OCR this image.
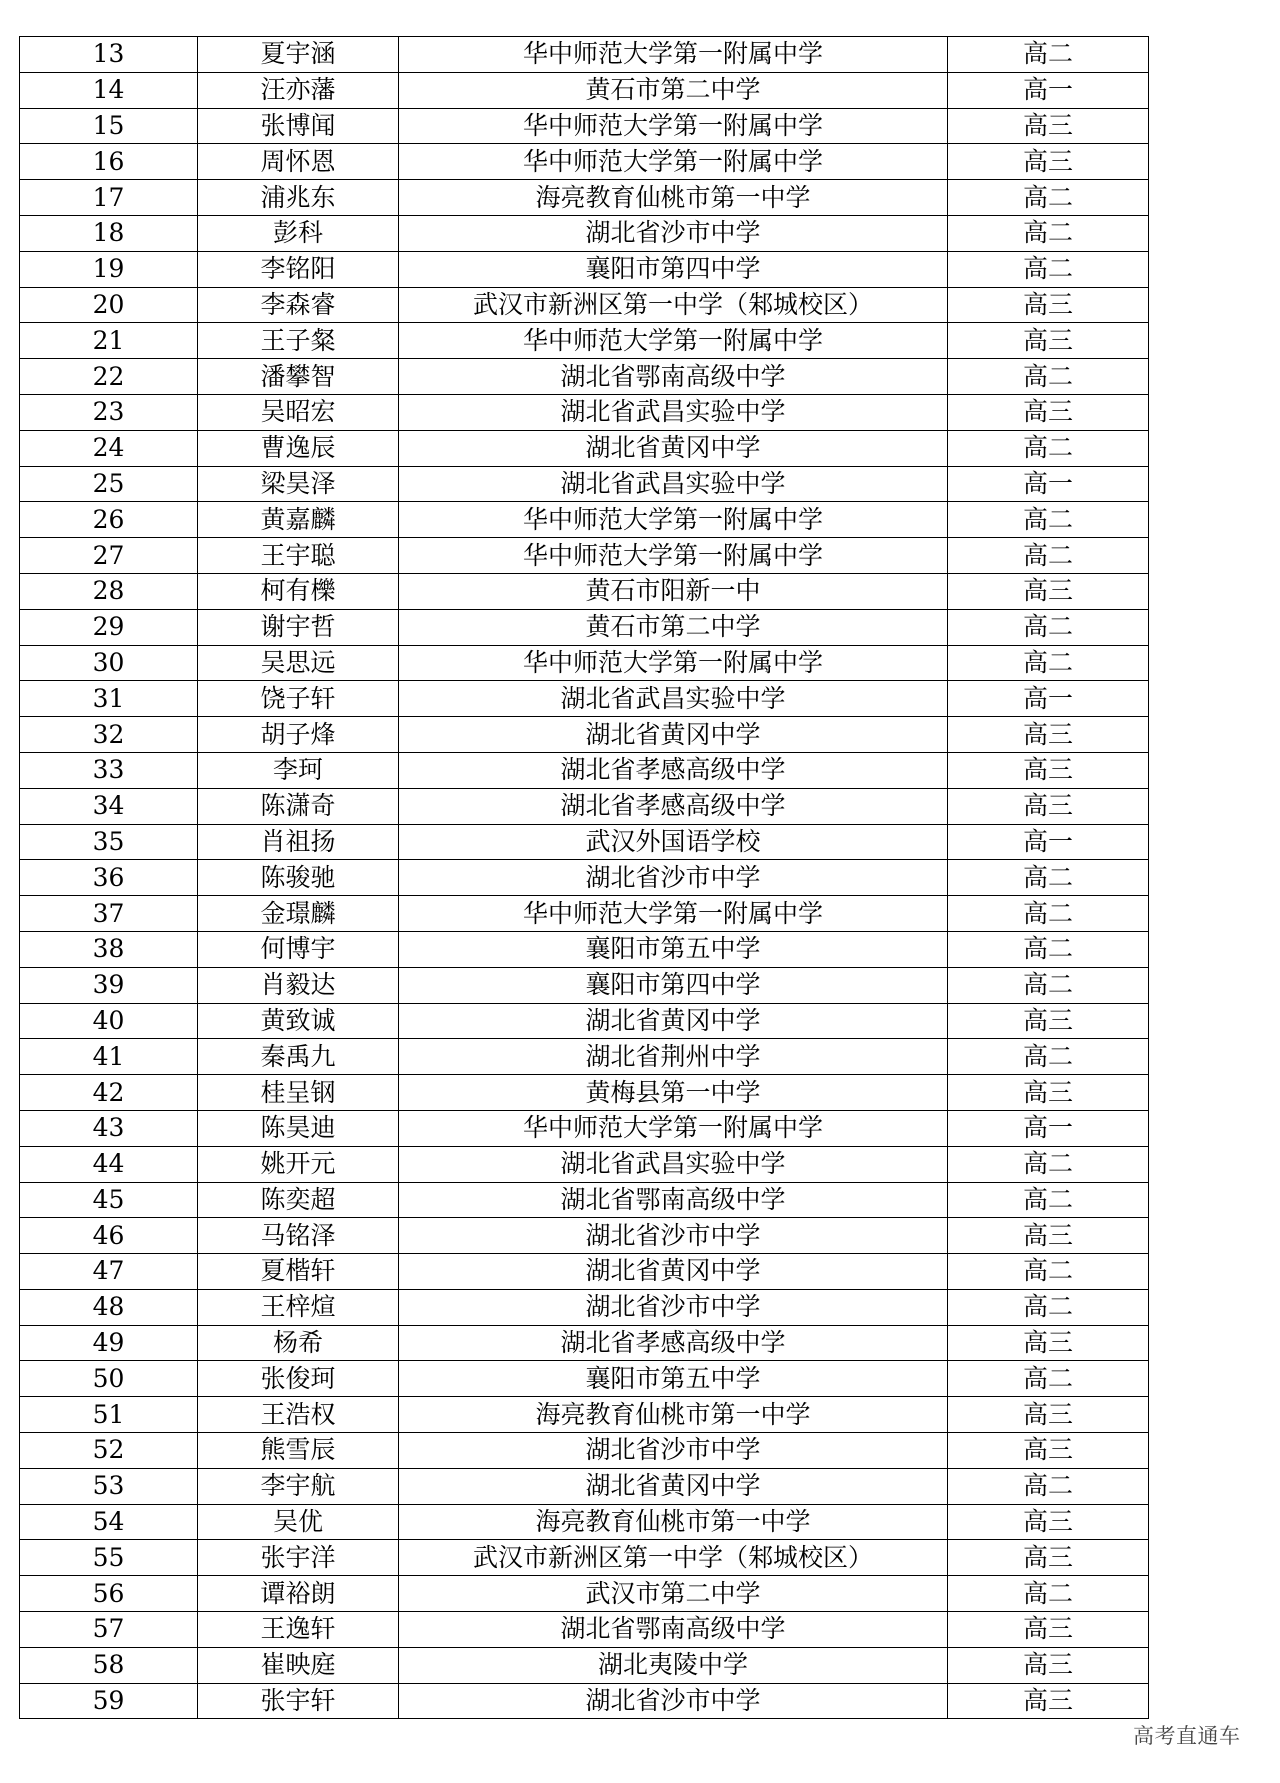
13	夏宇涵	华中师范大学第一附属中学	高二
14	汪亦藩	黄石市第二中学	高一
15	张博闻	华中师范大学第一附属中学	高三
16	周怀恩	华中师范大学第一附属中学	高三
17	浦兆东	海亮教育仙桃市第一中学	高二
18	彭科	湖北省沙市中学	高二
19	李铭阳	襄阳市第四中学	高二
20	李森睿	武汉市新洲区第一中学（邾城校区）	高三
21	王子粲	华中师范大学第一附属中学	高三
22	潘攀智	湖北省鄂南高级中学	高二
23	吴昭宏	湖北省武昌实验中学	高三
24	曹逸辰	湖北省黄冈中学	高二
25	梁昊泽	湖北省武昌实验中学	高一
26	黄嘉麟	华中师范大学第一附属中学	高二
27	王宇聪	华中师范大学第一附属中学	高二
28	柯有櫟	黄石市阳新一中	高三
29	谢宇哲	黄石市第二中学	高二
30	吴思远	华中师范大学第一附属中学	高二
31	饶子轩	湖北省武昌实验中学	高一
32	胡子烽	湖北省黄冈中学	高三
33	李珂	湖北省孝感高级中学	高三
34	陈潇奇	湖北省孝感高级中学	高三
35	肖祖扬	武汉外国语学校	高一
36	陈骏驰	湖北省沙市中学	高二
37	金璟麟	华中师范大学第一附属中学	高二
38	何博宇	襄阳市第五中学	高二
39	肖毅达	襄阳市第四中学	高二
40	黄致诚	湖北省黄冈中学	高三
41	秦禹九	湖北省荆州中学	高二
42	桂呈钢	黄梅县第一中学	高三
43	陈昊迪	华中师范大学第一附属中学	高一
44	姚开元	湖北省武昌实验中学	高二
45	陈奕超	湖北省鄂南高级中学	高二
46	马铭泽	湖北省沙市中学	高三
47	夏楷轩	湖北省黄冈中学	高二
48	王梓煊	湖北省沙市中学	高二
49	杨希	湖北省孝感高级中学	高三
50	张俊珂	襄阳市第五中学	高二
51	王浩权	海亮教育仙桃市第一中学	高三
52	熊雪辰	湖北省沙市中学	高三
53	李宇航	湖北省黄冈中学	高二
54	吴优	海亮教育仙桃市第一中学	高三
55	张宇洋	武汉市新洲区第一中学（邾城校区）	高三
56	谭裕朗	武汉市第二中学	高二
57	王逸轩	湖北省鄂南高级中学	高三
58	崔映庭	湖北夷陵中学	高三
59	张宇轩	湖北省沙市中学	高三
高考直通车
